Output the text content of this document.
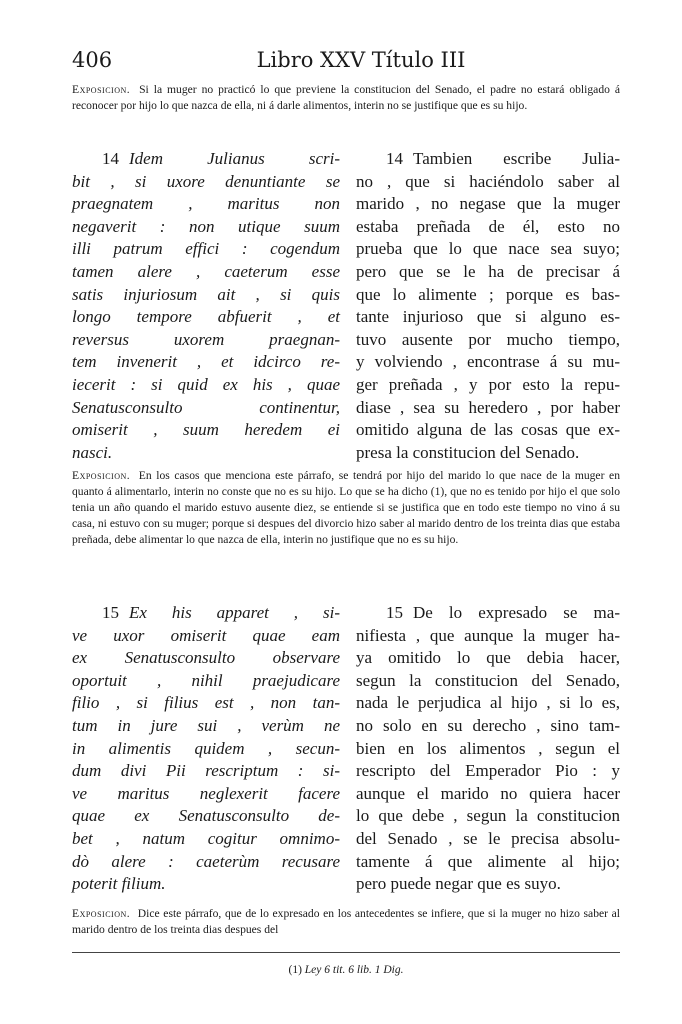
406	Libro XXV Título III

Exposicion. Si la muger no practicó lo que previene la constitucion del Senado, el padre no estará obligado á reconocer por hijo lo que nazca de ella, ni á darle alimentos, interin no se justifique que es su hijo.

14 Idem Julianus scri-
bit , si uxore denuntiante se
praegnatem , maritus non
negaverit : non utique suum
illi patrum effici : cogendum
tamen alere , caeterum esse
satis injuriosum ait , si quis
longo tempore abfuerit , et
reversus uxorem praegnan-
tem invenerit , et idcirco re-
iecerit : si quid ex his , quae
Senatusconsulto continentur,
omiserit , suum heredem ei
nasci.
14 Tambien escribe Julia-
no , que si haciéndolo saber al
marido , no negase que la muger
estaba preñada de él, esto no
prueba que lo que nace sea suyo;
pero que se le ha de precisar á
que lo alimente ; porque es bas-
tante injurioso que si alguno es-
tuvo ausente por mucho tiempo,
y volviendo , encontrase á su mu-
ger preñada , y por esto la repu-
diase , sea su heredero , por haber
omitido alguna de las cosas que ex-
presa la constitucion del Senado.

Exposicion. En los casos que menciona este párrafo, se tendrá por hijo del marido lo que nace de la muger en quanto á alimentarlo, interin no conste que no es su hijo. Lo que se ha dicho (1), que no es tenido por hijo el que solo tenia un año quando el marido estuvo ausente diez, se entiende si se justifica que en todo este tiempo no vino á su casa, ni estuvo con su muger; porque si despues del divorcio hizo saber al marido dentro de los treinta dias que estaba preñada, debe alimentar lo que nazca de ella, interin no justifique que no es su hijo.

15 Ex his apparet , si-
ve uxor omiserit quae eam
ex Senatusconsulto observare
oportuit , nihil praejudicare
filio , si filius est , non tan-
tum in jure sui , verùm ne
in alimentis quidem , secun-
dum divi Pii rescriptum : si-
ve maritus neglexerit facere
quae ex Senatusconsulto de-
bet , natum cogitur omnimo-
dò alere : caeterùm recusare
poterit filium.
15 De lo expresado se ma-
nifiesta , que aunque la muger ha-
ya omitido lo que debia hacer,
segun la constitucion del Senado,
nada le perjudica al hijo , si lo es,
no solo en su derecho , sino tam-
bien en los alimentos , segun el
rescripto del Emperador Pio : y
aunque el marido no quiera hacer
lo que debe , segun la constitucion
del Senado , se le precisa absolu-
tamente á que alimente al hijo;
pero puede negar que es suyo.

Exposicion. Dice este párrafo, que de lo expresado en los antecedentes se infiere, que si la muger no hizo saber al marido dentro de los treinta dias despues del

(1) Ley 6 tit. 6 lib. 1 Dig.
